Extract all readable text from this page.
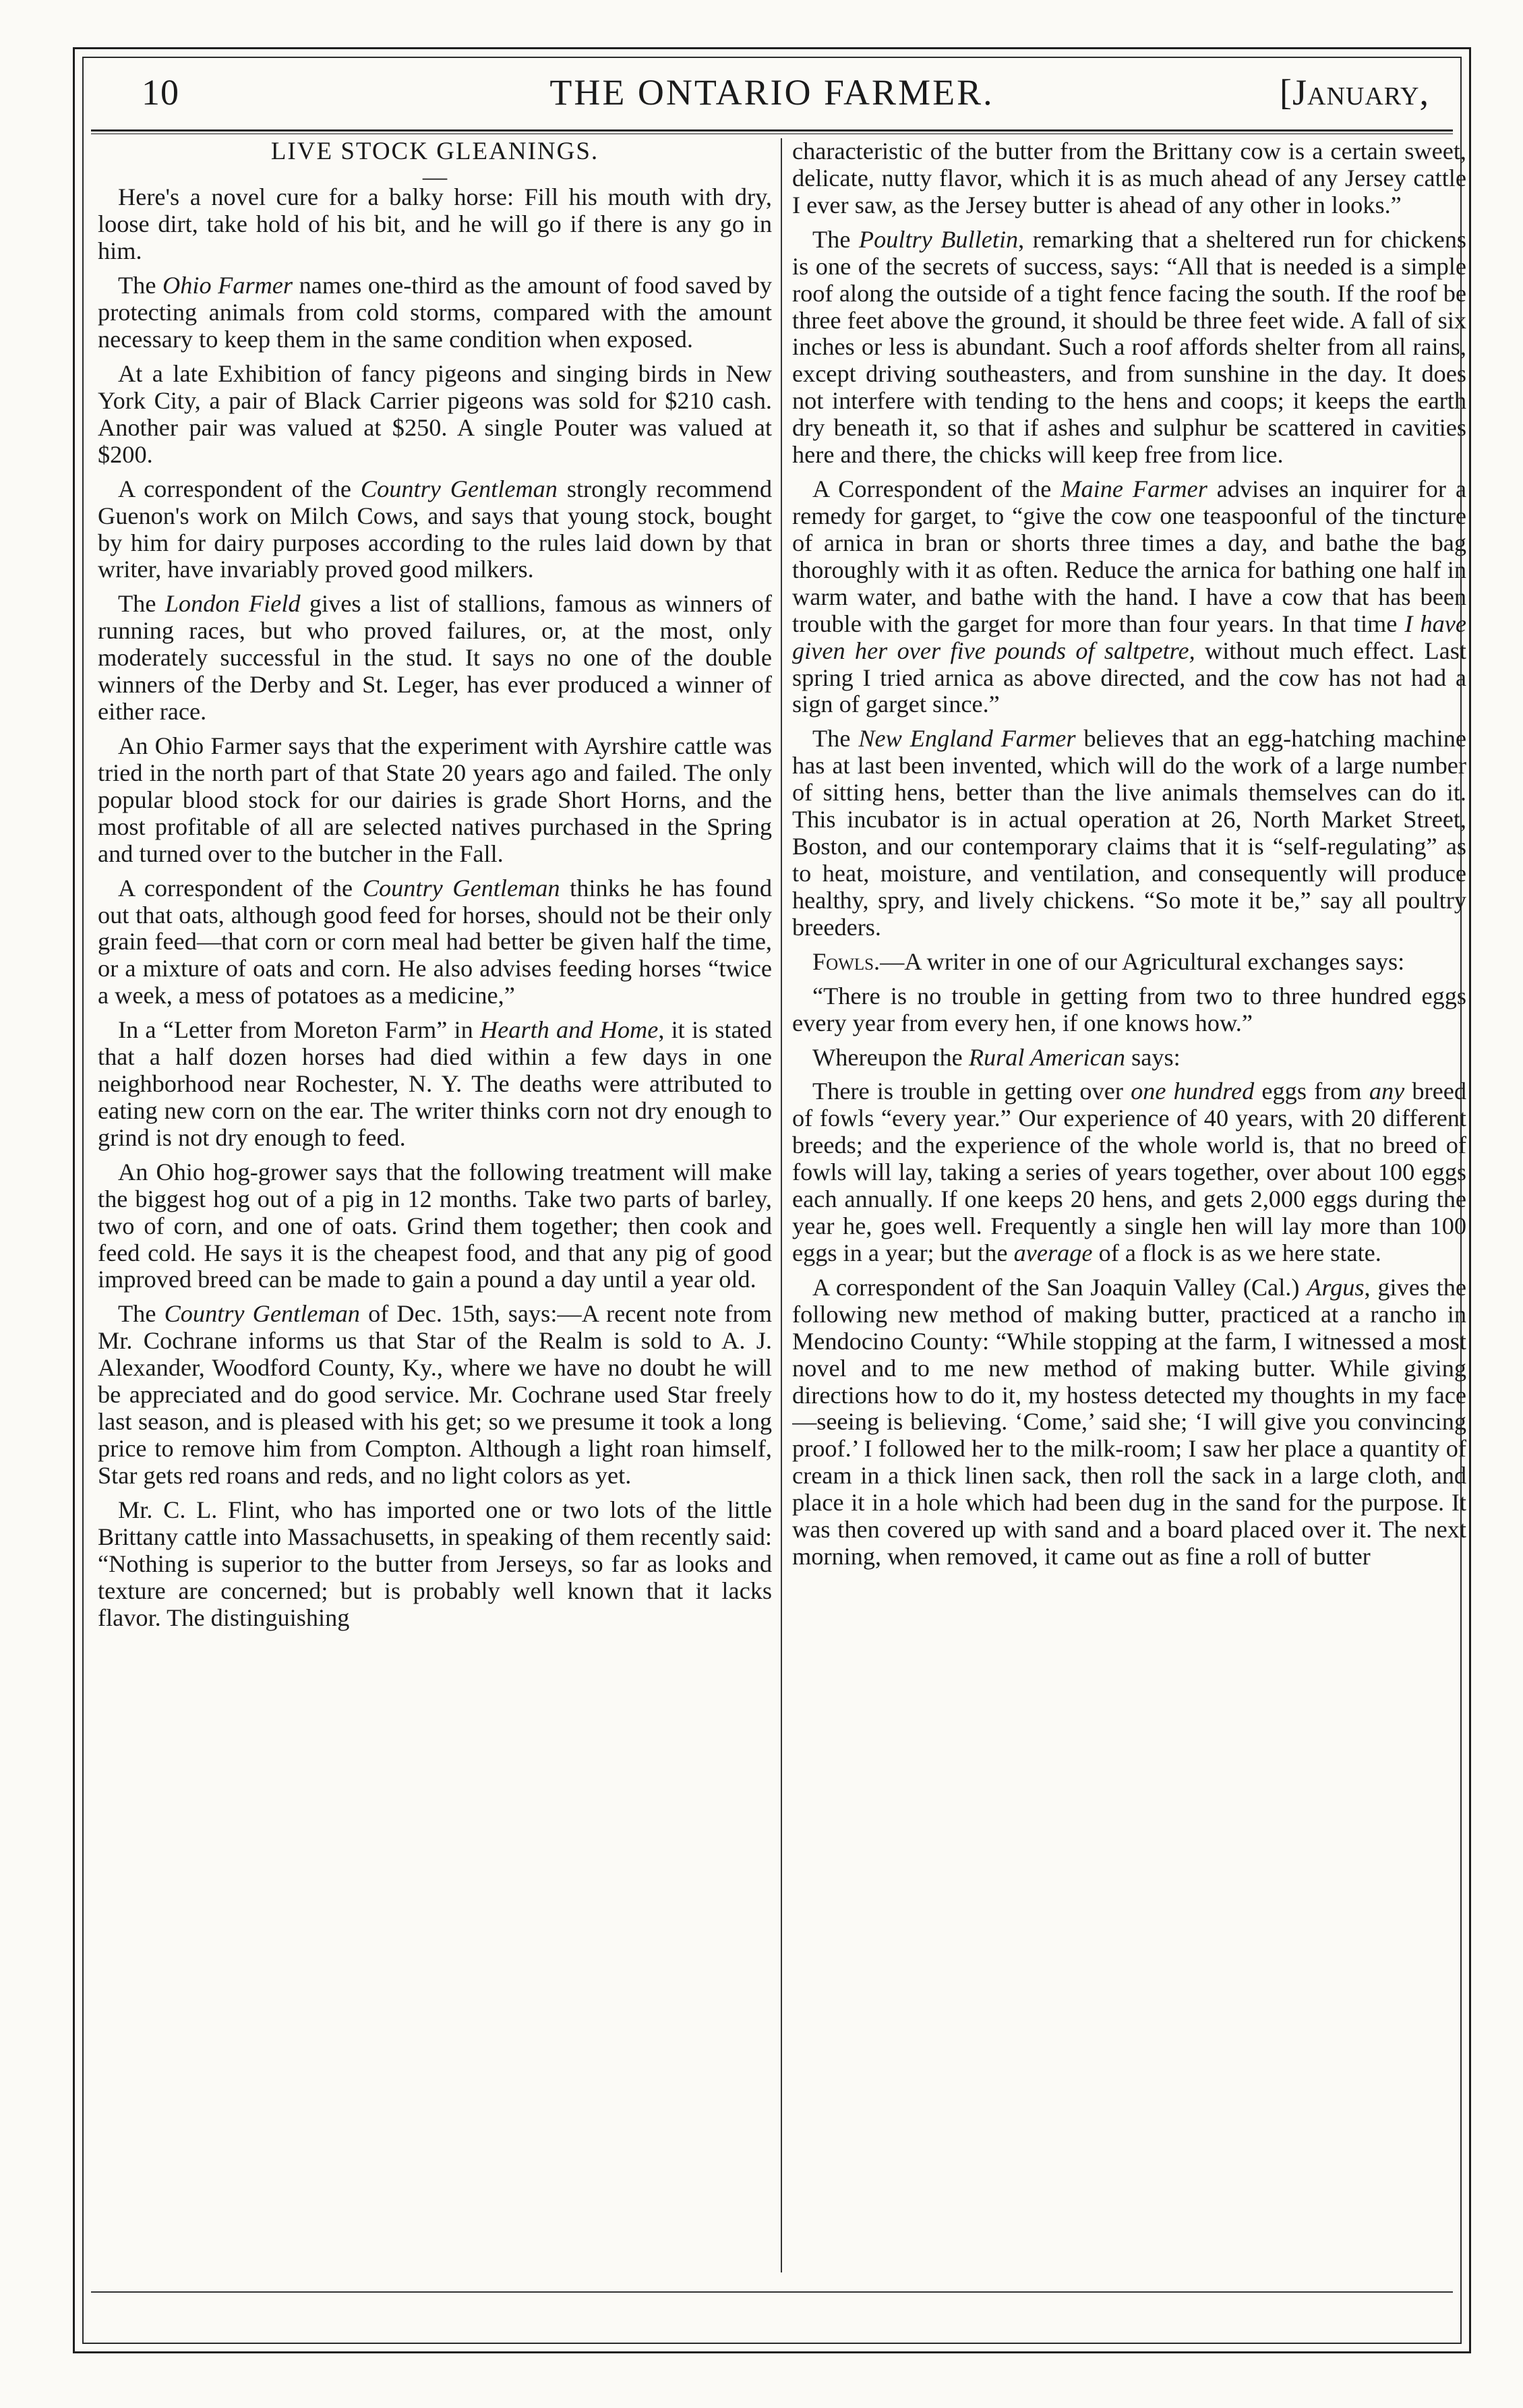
10	THE ONTARIO FARMER.	[January,

LIVE STOCK GLEANINGS.

—

Here's a novel cure for a balky horse: Fill his mouth with dry, loose dirt, take hold of his bit, and he will go if there is any go in him.

The Ohio Farmer names one-third as the amount of food saved by protecting animals from cold storms, compared with the amount necessary to keep them in the same condition when exposed.

At a late Exhibition of fancy pigeons and singing birds in New York City, a pair of Black Carrier pigeons was sold for $210 cash. Another pair was valued at $250. A single Pouter was valued at $200.

A correspondent of the Country Gentleman strongly recommend Guenon's work on Milch Cows, and says that young stock, bought by him for dairy purposes according to the rules laid down by that writer, have invariably proved good milkers.

The London Field gives a list of stallions, famous as winners of running races, but who proved failures, or, at the most, only moderately successful in the stud. It says no one of the double winners of the Derby and St. Leger, has ever produced a winner of either race.

An Ohio Farmer says that the experiment with Ayrshire cattle was tried in the north part of that State 20 years ago and failed. The only popular blood stock for our dairies is grade Short Horns, and the most profitable of all are selected natives purchased in the Spring and turned over to the butcher in the Fall.

A correspondent of the Country Gentleman thinks he has found out that oats, although good feed for horses, should not be their only grain feed—that corn or corn meal had better be given half the time, or a mixture of oats and corn. He also advises feeding horses “twice a week, a mess of potatoes as a medicine,”

In a “Letter from Moreton Farm” in Hearth and Home, it is stated that a half dozen horses had died within a few days in one neighborhood near Rochester, N. Y. The deaths were attributed to eating new corn on the ear. The writer thinks corn not dry enough to grind is not dry enough to feed.

An Ohio hog-grower says that the following treatment will make the biggest hog out of a pig in 12 months. Take two parts of barley, two of corn, and one of oats. Grind them together; then cook and feed cold. He says it is the cheapest food, and that any pig of good improved breed can be made to gain a pound a day until a year old.

The Country Gentleman of Dec. 15th, says:—A recent note from Mr. Cochrane informs us that Star of the Realm is sold to A. J. Alexander, Woodford County, Ky., where we have no doubt he will be appreciated and do good service. Mr. Cochrane used Star freely last season, and is pleased with his get; so we presume it took a long price to remove him from Compton. Although a light roan himself, Star gets red roans and reds, and no light colors as yet.

Mr. C. L. Flint, who has imported one or two lots of the little Brittany cattle into Massachusetts, in speaking of them recently said: “Nothing is superior to the butter from Jerseys, so far as looks and texture are concerned; but is probably well known that it lacks flavor. The distinguishing

characteristic of the butter from the Brittany cow is a certain sweet, delicate, nutty flavor, which it is as much ahead of any Jersey cattle I ever saw, as the Jersey butter is ahead of any other in looks.”

The Poultry Bulletin, remarking that a sheltered run for chickens is one of the secrets of success, says: “All that is needed is a simple roof along the outside of a tight fence facing the south. If the roof be three feet above the ground, it should be three feet wide. A fall of six inches or less is abundant. Such a roof affords shelter from all rains, except driving southeasters, and from sunshine in the day. It does not interfere with tending to the hens and coops; it keeps the earth dry beneath it, so that if ashes and sulphur be scattered in cavities here and there, the chicks will keep free from lice.

A Correspondent of the Maine Farmer advises an inquirer for a remedy for garget, to “give the cow one teaspoonful of the tincture of arnica in bran or shorts three times a day, and bathe the bag thoroughly with it as often. Reduce the arnica for bathing one half in warm water, and bathe with the hand. I have a cow that has been trouble with the garget for more than four years. In that time I have given her over five pounds of saltpetre, without much effect. Last spring I tried arnica as above directed, and the cow has not had a sign of garget since.”

The New England Farmer believes that an egg-hatching machine has at last been invented, which will do the work of a large number of sitting hens, better than the live animals themselves can do it. This incubator is in actual operation at 26, North Market Street, Boston, and our contemporary claims that it is “self-regulating” as to heat, moisture, and ventilation, and consequently will produce healthy, spry, and lively chickens. “So mote it be,” say all poultry breeders.

Fowls.—A writer in one of our Agricultural exchanges says:

“There is no trouble in getting from two to three hundred eggs every year from every hen, if one knows how.”

Whereupon the Rural American says:

There is trouble in getting over one hundred eggs from any breed of fowls “every year.” Our experience of 40 years, with 20 different breeds; and the experience of the whole world is, that no breed of fowls will lay, taking a series of years together, over about 100 eggs each annually. If one keeps 20 hens, and gets 2,000 eggs during the year he, goes well. Frequently a single hen will lay more than 100 eggs in a year; but the average of a flock is as we here state.

A correspondent of the San Joaquin Valley (Cal.) Argus, gives the following new method of making butter, practiced at a rancho in Mendocino County: “While stopping at the farm, I witnessed a most novel and to me new method of making butter. While giving directions how to do it, my hostess detected my thoughts in my face—seeing is believing. ‘Come,’ said she; ‘I will give you convincing proof.’ I followed her to the milk-room; I saw her place a quantity of cream in a thick linen sack, then roll the sack in a large cloth, and place it in a hole which had been dug in the sand for the purpose. It was then covered up with sand and a board placed over it. The next morning, when removed, it came out as fine a roll of butter
